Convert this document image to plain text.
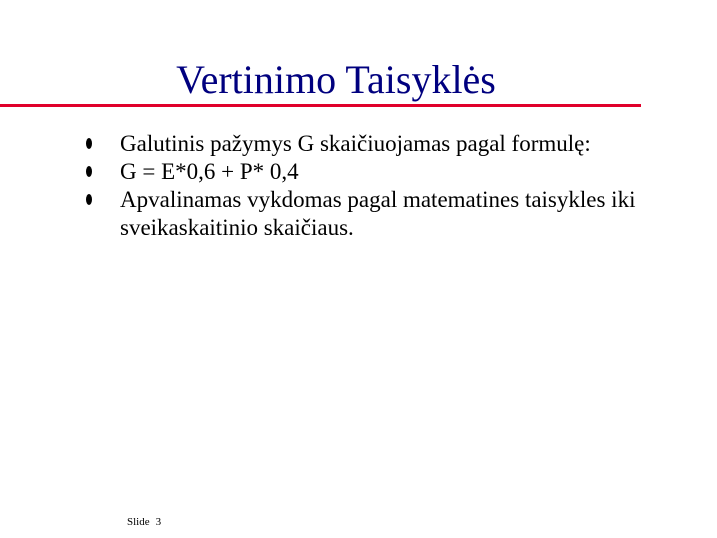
Vertinimo Taisyklės
Galutinis pažymys G skaičiuojamas pagal formulę:
G = E*0,6 + P* 0,4
Apvalinamas vykdomas pagal matematines taisykles iki sveikaskaitinio skaičiaus.
Slide 3
